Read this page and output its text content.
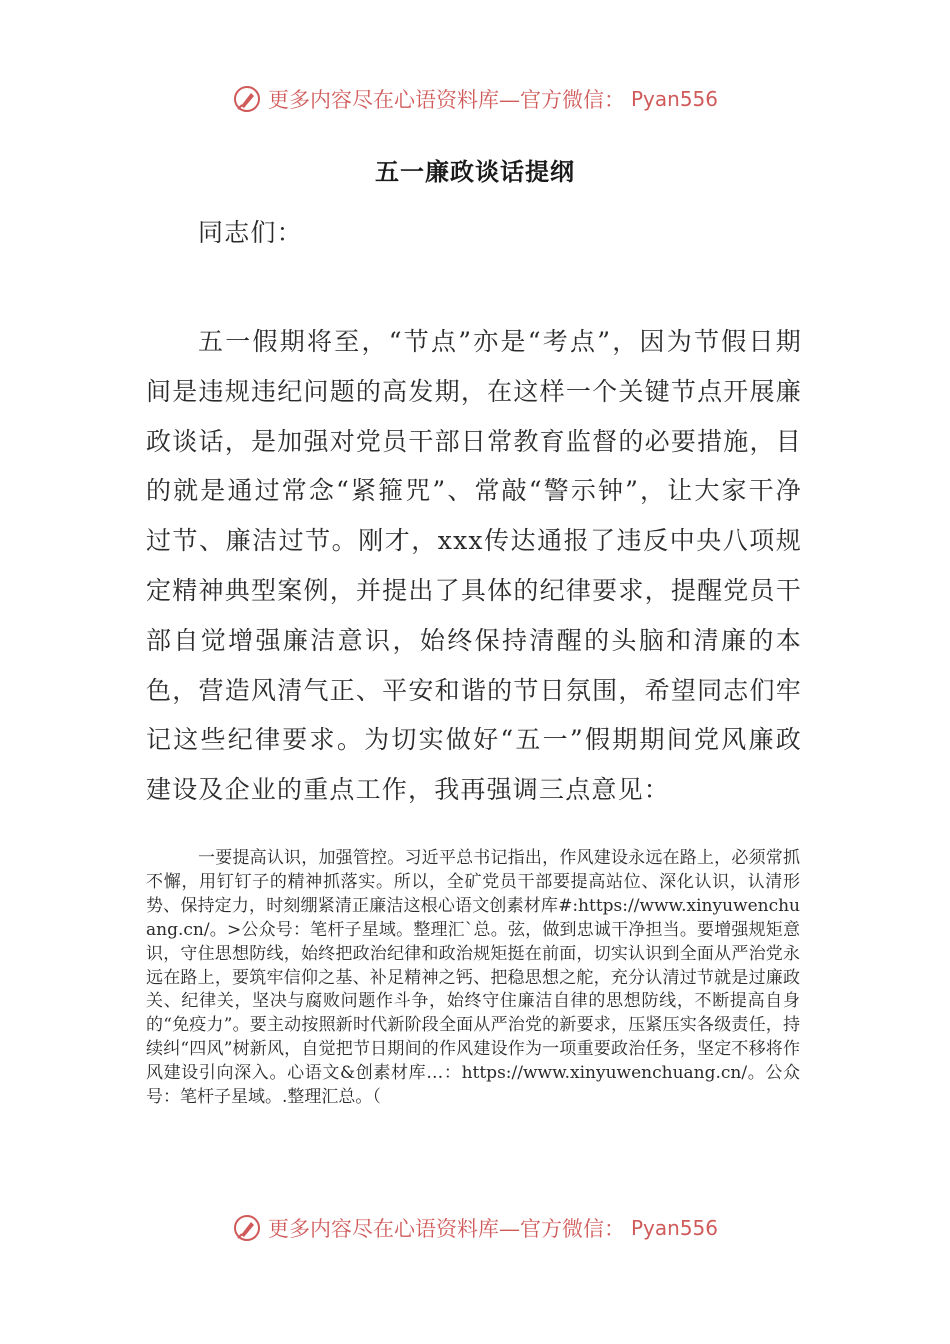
更多内容尽在心语资料库—官方微信： Pyan556
五一廉政谈话提纲
同志们：
五一假期将至，“节点”亦是“考点”，因为节假日期间是违规违纪问题的高发期，在这样一个关键节点开展廉政谈话，是加强对党员干部日常教育监督的必要措施，目的就是通过常念“紧箍咒”、常敲“警示钟”，让大家干净过节、廉洁过节。刚才，xxx传达通报了违反中央八项规定精神典型案例，并提出了具体的纪律要求，提醒党员干部自觉增强廉洁意识，始终保持清醒的头脑和清廉的本色，营造风清气正、平安和谐的节日氛围，希望同志们牢记这些纪律要求。为切实做好“五一”假期期间党风廉政建设及企业的重点工作，我再强调三点意见：
一要提高认识，加强管控。习近平总书记指出，作风建设永远在路上，必须常抓不懈，用钉钉子的精神抓落实。所以，全矿党员干部要提高站位、深化认识，认清形势、保持定力，时刻绷紧清正廉洁这根心语文创素材库#:https://www.xinyuwenchuang.cn/。>公众号：笔杆子星域。整理汇`总。弦，做到忠诚干净担当。要增强规矩意识，守住思想防线，始终把政治纪律和政治规矩挺在前面，切实认识到全面从严治党永远在路上，要筑牢信仰之基、补足精神之钙、把稳思想之舵，充分认清过节就是过廉政关、纪律关，坚决与腐败问题作斗争，始终守住廉洁自律的思想防线，不断提高自身的“免疫力”。要主动按照新时代新阶段全面从严治党的新要求，压紧压实各级责任，持续纠“四风”树新风，自觉把节日期间的作风建设作为一项重要政治任务，坚定不移将作风建设引向深入。心语文&创素材库…：https://www.xinyuwenchuang.cn/。公众号：笔杆子星域。.整理汇总。（
更多内容尽在心语资料库—官方微信： Pyan556
